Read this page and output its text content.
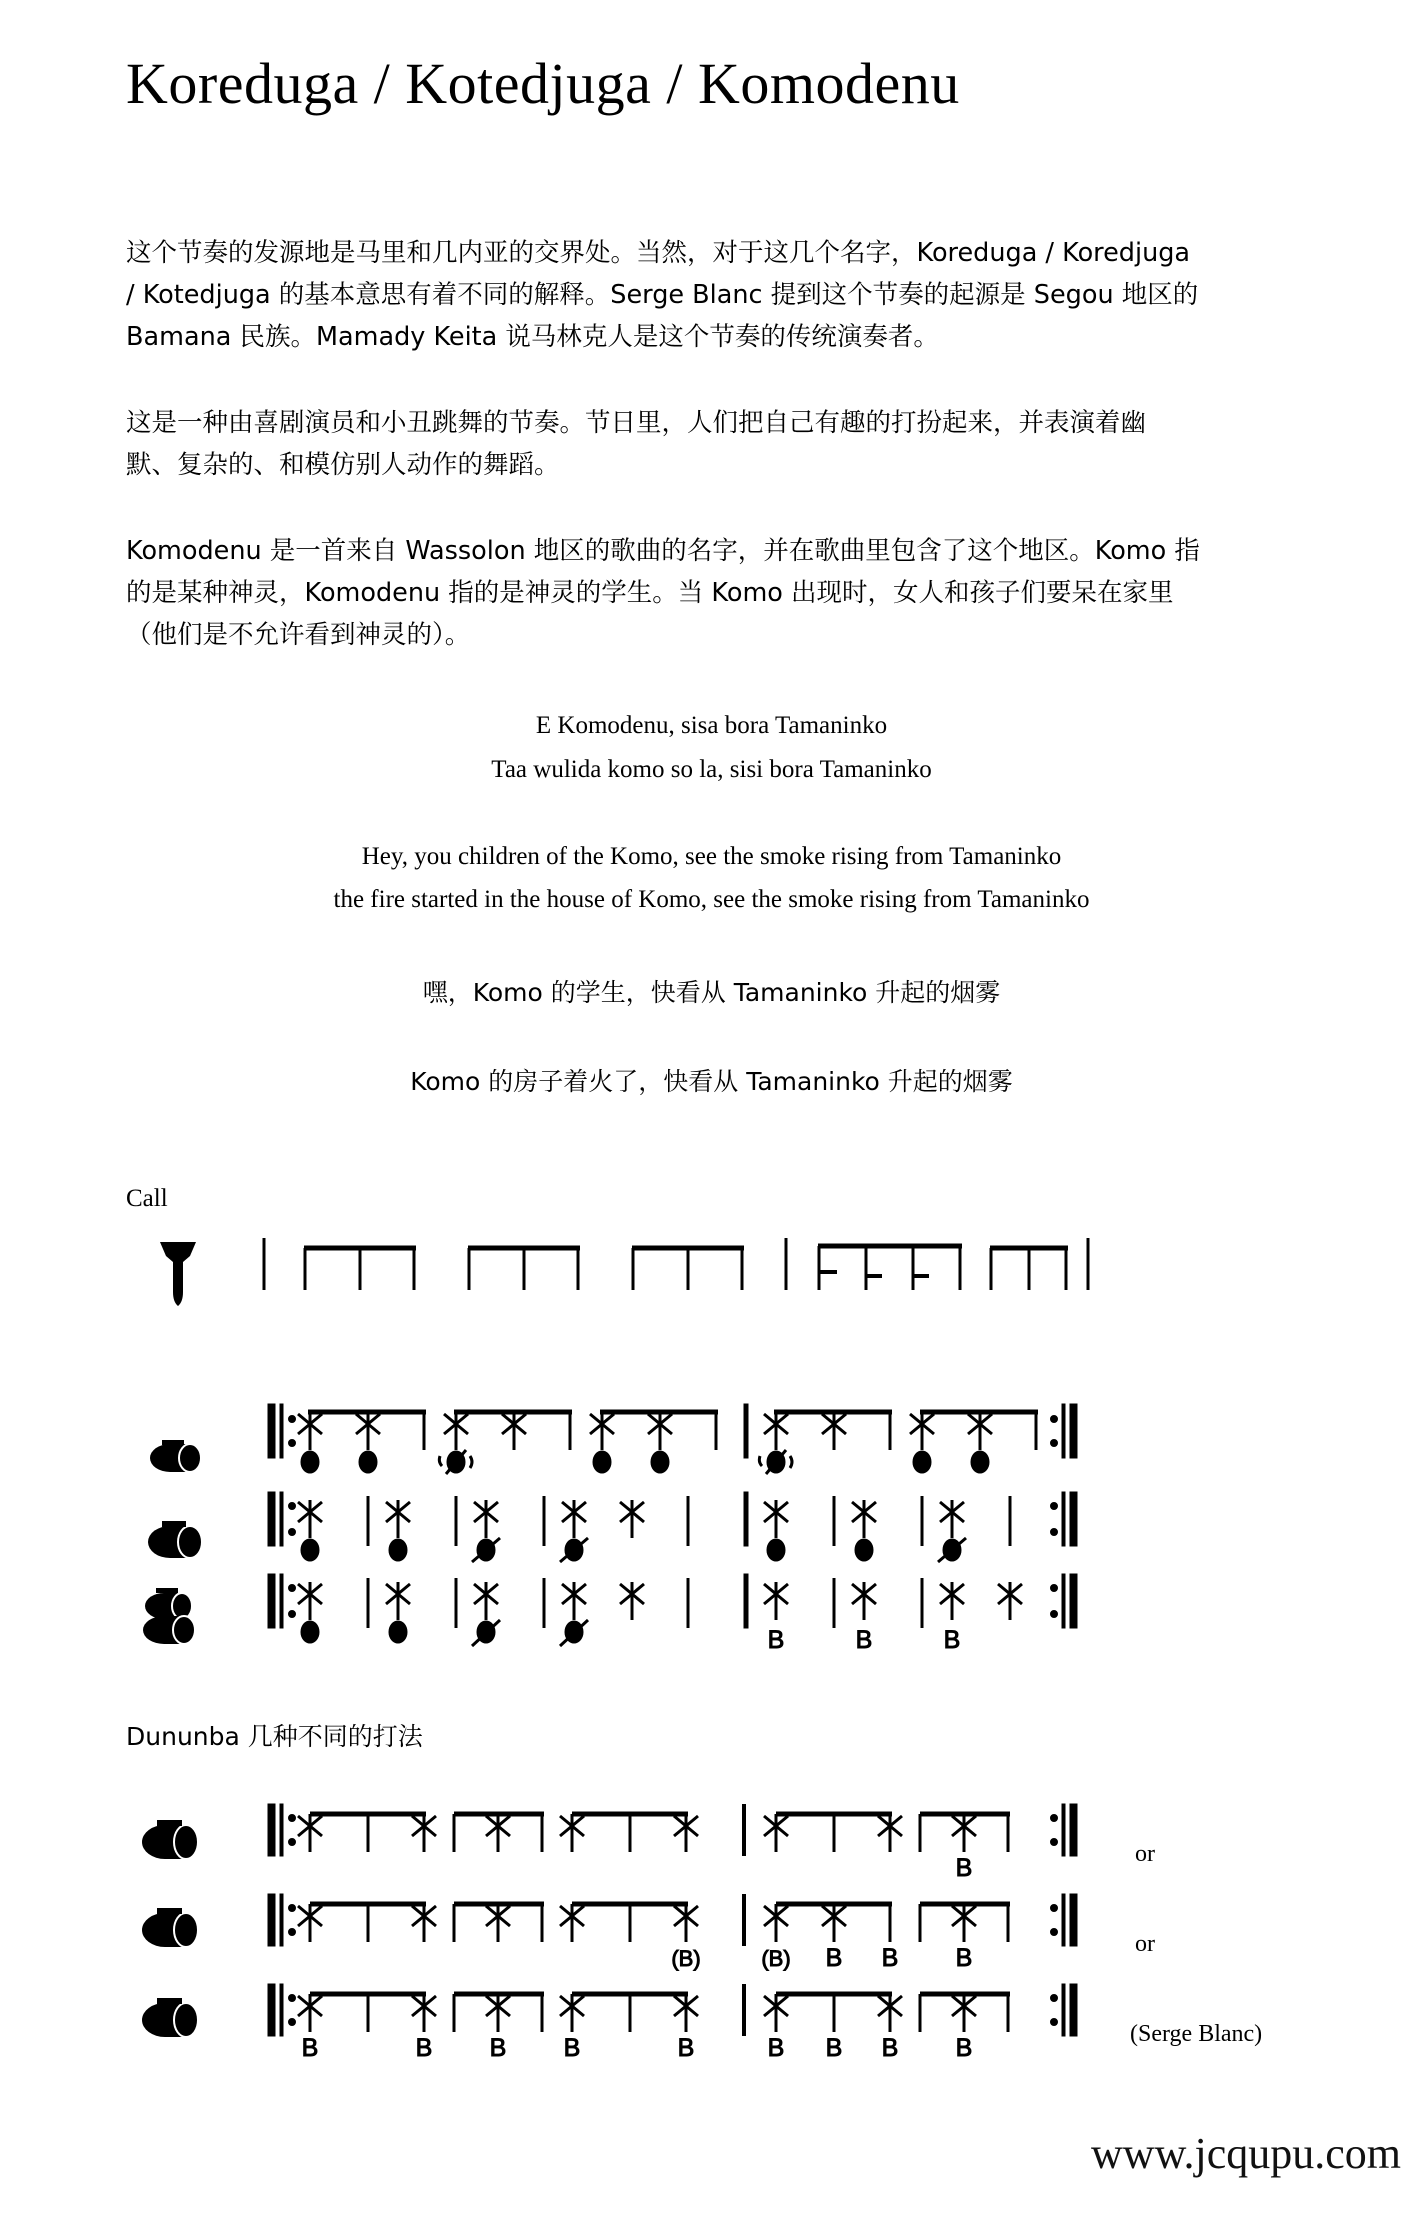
Koreduga / Kotedjuga / Komodenu
这个节奏的发源地是马里和几内亚的交界处。当然，对于这几个名字，Koreduga / Koredjuga
/ Kotedjuga 的基本意思有着不同的解释。Serge Blanc 提到这个节奏的起源是 Segou 地区的
Bamana 民族。Mamady Keita 说马林克人是这个节奏的传统演奏者。
这是一种由喜剧演员和小丑跳舞的节奏。节日里，人们把自己有趣的打扮起来，并表演着幽
默、复杂的、和模仿别人动作的舞蹈。
Komodenu 是一首来自 Wassolon 地区的歌曲的名字，并在歌曲里包含了这个地区。Komo 指
的是某种神灵，Komodenu 指的是神灵的学生。当 Komo 出现时，女人和孩子们要呆在家里
（他们是不允许看到神灵的）。
E Komodenu, sisa bora Tamaninko
Taa wulida komo so la, sisi bora Tamaninko
Hey, you children of the Komo, see the smoke rising from Tamaninko
the fire started in the house of Komo, see the smoke rising from Tamaninko
嘿，Komo 的学生，快看从 Tamaninko 升起的烟雾
Komo 的房子着火了，快看从 Tamaninko 升起的烟雾
Call
B	B	B
Dununba 几种不同的打法
B	or
(B)	(B) B B B	or
B	B B B	B	B B B B	(Serge Blanc)
www.jcqupu.com
